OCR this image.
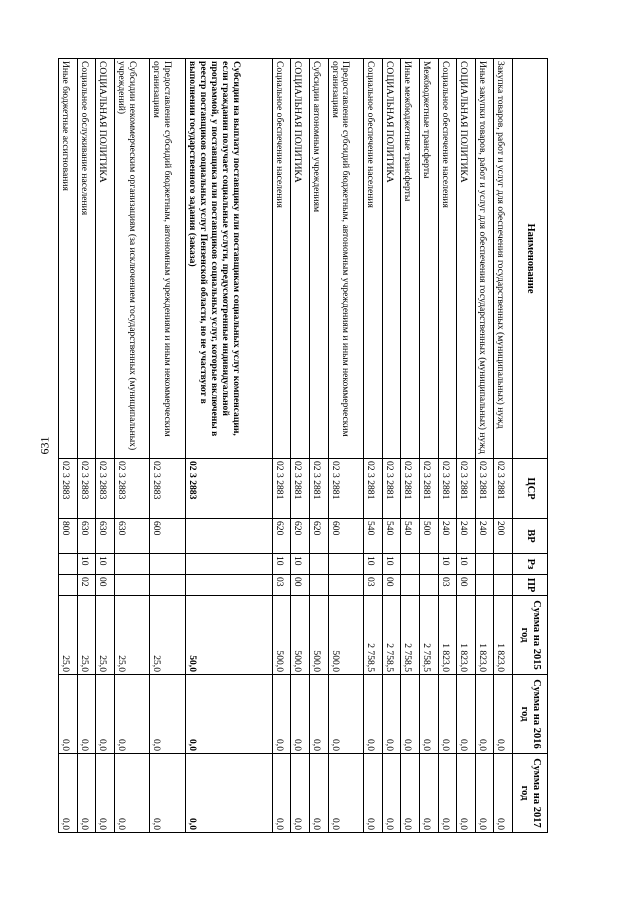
631
Наименование	ЦСР	ВР	Рз	ПР	Сумма на 2015 год	Сумма на 2016 год	Сумма на 2017 год
Закупка товаров, работ и услуг для обеспечения государственных (муниципальных) нужд	02 3 2881	200			1 823,0	0,0	0,0
Иные закупки товаров, работ и услуг для обеспечения государственных (муниципальных) нужд	02 3 2881	240			1 823,0	0,0	0,0
СОЦИАЛЬНАЯ ПОЛИТИКА	02 3 2881	240	10	00	1 823,0	0,0	0,0
Социальное обеспечение населения	02 3 2881	240	10	03	1 823,0	0,0	0,0
Межбюджетные трансферты	02 3 2881	500			2 758,5	0,0	0,0
Иные межбюджетные трансферты	02 3 2881	540			2 758,5	0,0	0,0
СОЦИАЛЬНАЯ ПОЛИТИКА	02 3 2881	540	10	00	2 758,5	0,0	0,0
Социальное обеспечение населения	02 3 2881	540	10	03	2 758,5	0,0	0,0
Предоставление субсидий бюджетным, автономным учреждениям и иным некоммерческим организациям	02 3 2881	600			500,0	0,0	0,0
Субсидии автономным учреждениям	02 3 2881	620			500,0	0,0	0,0
СОЦИАЛЬНАЯ ПОЛИТИКА	02 3 2881	620	10	00	500,0	0,0	0,0
Социальное обеспечение населения	02 3 2881	620	10	03	500,0	0,0	0,0
Субсидии на выплату поставщику или поставщикам социальных услуг компенсации, если гражданин получает социальные услуги, предусмотренные индивидуальной программой, у поставщика или поставщиков социальных услуг, которые включены в реестр поставщиков социальных услуг Пензенской области, но не участвуют в выполнении государственного задания (заказа)	02 3 2883				50,0	0,0	0,0
Предоставление субсидий бюджетным, автономным учреждениям и иным некоммерческим организациям	02 3 2883	600			25,0	0,0	0,0
Субсидии некоммерческим организациям (за исключением государственных (муниципальных) учреждений)	02 3 2883	630			25,0	0,0	0,0
СОЦИАЛЬНАЯ ПОЛИТИКА	02 3 2883	630	10	00	25,0	0,0	0,0
Социальное обслуживание населения	02 3 2883	630	10	02	25,0	0,0	0,0
Иные бюджетные ассигнования	02 3 2883	800			25,0	0,0	0,0
